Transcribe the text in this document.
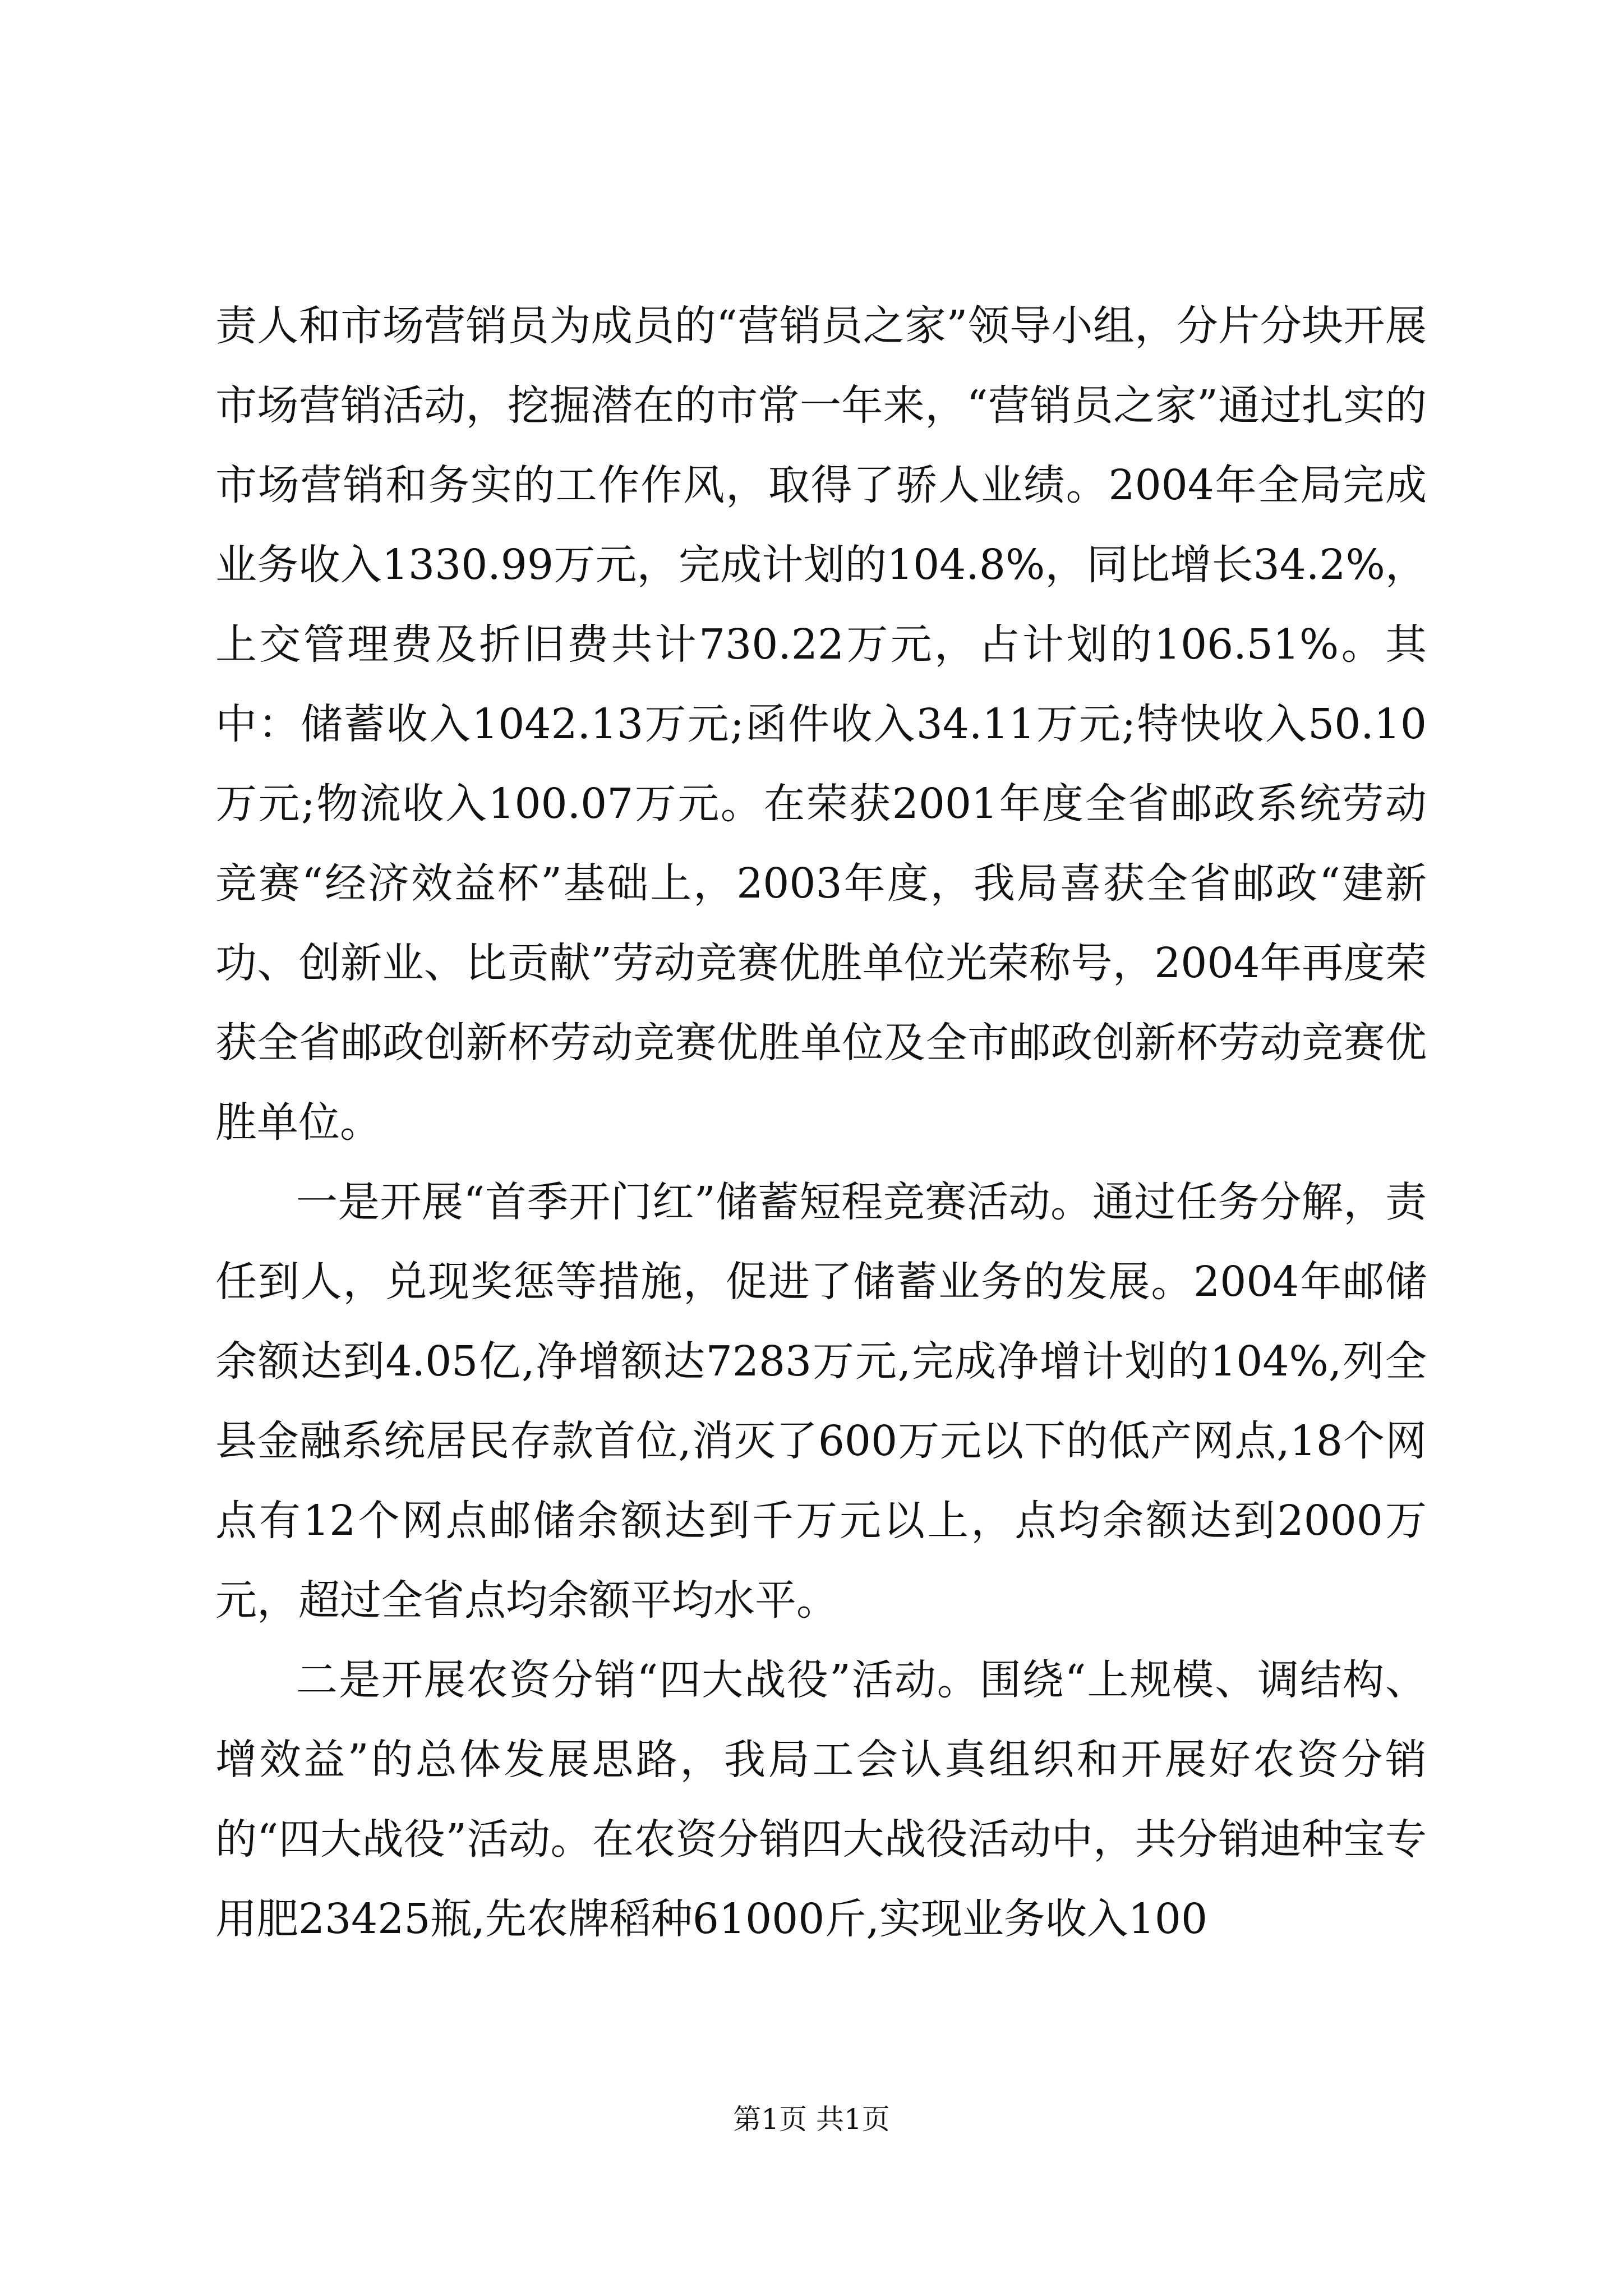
责人和市场营销员为成员的“营销员之家”领导小组，分片分块开展市场营销活动，挖掘潜在的市常一年来，“营销员之家”通过扎实的市场营销和务实的工作作风，取得了骄人业绩。2004年全局完成业务收入1330.99万元，完成计划的104.8%，同比增长34.2%，上交管理费及折旧费共计730.22万元，占计划的106.51%。其中：储蓄收入1042.13万元;函件收入34.11万元;特快收入50.10万元;物流收入100.07万元。在荣获2001年度全省邮政系统劳动竞赛“经济效益杯”基础上，2003年度，我局喜获全省邮政“建新功、创新业、比贡献”劳动竞赛优胜单位光荣称号，2004年再度荣获全省邮政创新杯劳动竞赛优胜单位及全市邮政创新杯劳动竞赛优胜单位。

一是开展“首季开门红”储蓄短程竞赛活动。通过任务分解，责任到人，兑现奖惩等措施，促进了储蓄业务的发展。2004年邮储余额达到4.05亿,净增额达7283万元,完成净增计划的104%,列全县金融系统居民存款首位,消灭了600万元以下的低产网点,18个网点有12个网点邮储余额达到千万元以上，点均余额达到2000万元，超过全省点均余额平均水平。

二是开展农资分销“四大战役”活动。围绕“上规模、调结构、增效益”的总体发展思路，我局工会认真组织和开展好农资分销的“四大战役”活动。在农资分销四大战役活动中，共分销迪种宝专用肥23425瓶,先农牌稻种61000斤,实现业务收入100

第1页 共1页
